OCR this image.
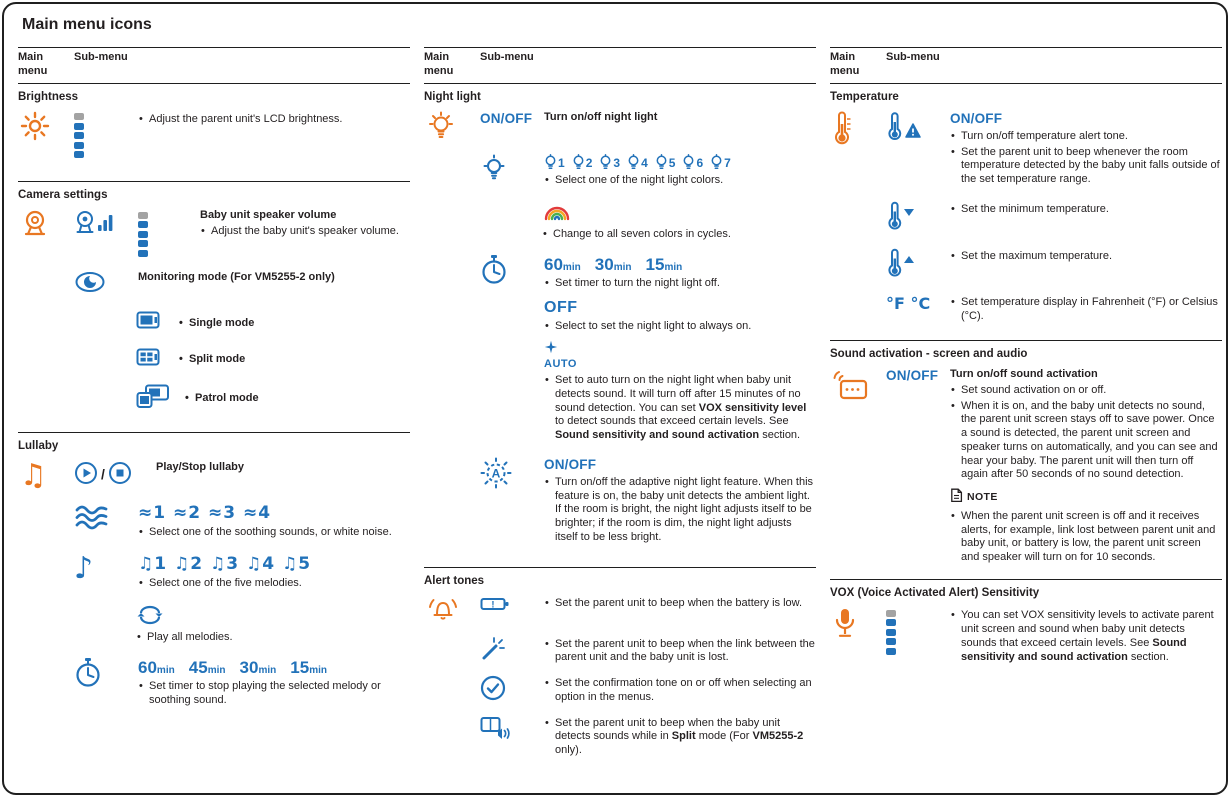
Main menu icons
Main menu
Sub-menu
Brightness
• Adjust the parent unit's LCD brightness.
Camera settings
Baby unit speaker volume
• Adjust the baby unit's speaker volume.
Monitoring mode (For VM5255-2 only)
• Single mode
• Split mode
• Patrol mode
Lullaby
♫	/	Play/Stop lullaby
≈1 ≈2 ≈3 ≈4
• Select one of the soothing sounds, or white noise.
♪	♫1 ♫2 ♫3 ♫4 ♫5
• Select one of the five melodies.
• Play all melodies.
60min 45min 30min 15min
• Set timer to stop playing the selected melody or soothing sound.
Main menu
Sub-menu
Night light
ON/OFF	Turn on/off night light
1 2 3 4 5 6 7
• Select one of the night light colors.
• Change to all seven colors in cycles.
60min 30min 15min
• Set timer to turn the night light off.
OFF
• Select to set the night light to always on.
AUTO
• Set to auto turn on the night light when baby unit detects sound. It will turn off after 15 minutes of no sound detection. You can set VOX sensitivity level to detect sounds that exceed certain levels. See Sound sensitivity and sound activation section.
A
ON/OFF
• Turn on/off the adaptive night light feature. When this feature is on, the baby unit detects the ambient light. If the room is bright, the night light adjusts itself to be brighter; if the room is dim, the night light adjusts itself to be less bright.
Alert tones
!	• Set the parent unit to beep when the battery is low.
• Set the parent unit to beep when the link between the parent unit and the baby unit is lost.
• Set the confirmation tone on or off when selecting an option in the menus.
• Set the parent unit to beep when the baby unit detects sounds while in Split mode (For VM5255-2 only).
Main menu
Sub-menu
Temperature
ON/OFF
• Turn on/off temperature alert tone.
• Set the parent unit to beep whenever the room temperature detected by the baby unit falls outside of the set temperature range.
• Set the minimum temperature.
• Set the maximum temperature.
°F °C	• Set temperature display in Fahrenheit (°F) or Celsius (°C).
Sound activation - screen and audio
ON/OFF	Turn on/off sound activation
• Set sound activation on or off.
• When it is on, and the baby unit detects no sound, the parent unit screen stays off to save power. Once a sound is detected, the parent unit screen and speaker turns on automatically, and you can see and hear your baby. The parent unit will then turn off again after 50 seconds of no sound detection.
NOTE
• When the parent unit screen is off and it receives alerts, for example, link lost between parent unit and baby unit, or battery is low, the parent unit screen and speaker will turn on for 10 seconds.
VOX (Voice Activated Alert) Sensitivity
• You can set VOX sensitivity levels to activate parent unit screen and sound when baby unit detects sounds that exceed certain levels. See Sound sensitivity and sound activation section.
